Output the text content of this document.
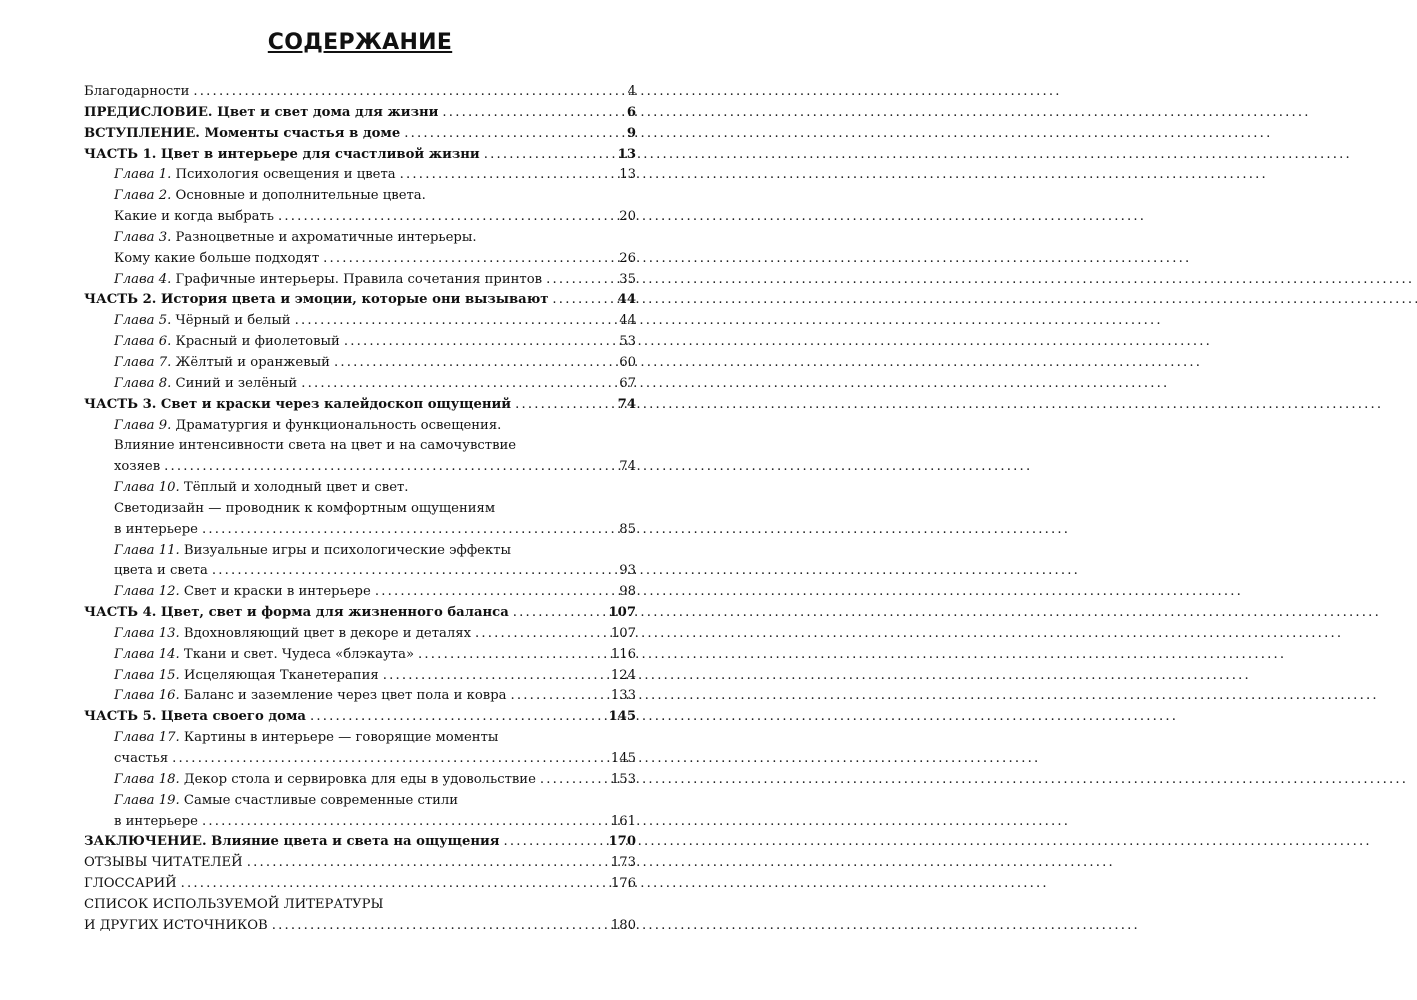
СОДЕРЖАНИЕ
Благодарности . . .	4
ПРЕДИСЛОВИЕ. Цвет и свет дома для жизни . . .	6
ВСТУПЛЕНИЕ. Моменты счастья в доме . . .	9
ЧАСТЬ 1. Цвет в интерьере для счастливой жизни . . .	13
Глава 1. Психология освещения и цвета . . .	13
Глава 2. Основные и дополнительные цвета.
Какие и когда выбрать . . .	20
Глава 3. Разноцветные и ахроматичные интерьеры.
Кому какие больше подходят . . .	26
Глава 4. Графичные интерьеры. Правила сочетания принтов . . .	35
ЧАСТЬ 2. История цвета и эмоции, которые они вызывают . . .	44
Глава 5. Чёрный и белый . . .	44
Глава 6. Красный и фиолетовый . . .	53
Глава 7. Жёлтый и оранжевый . . .	60
Глава 8. Синий и зелёный . . .	67
ЧАСТЬ 3. Свет и краски через калейдоскоп ощущений . . .	74
Глава 9. Драматургия и функциональность освещения.
Влияние интенсивности света на цвет и на самочувствие
хозяев . . .	74
Глава 10. Тёплый и холодный цвет и свет.
Светодизайн — проводник к комфортным ощущениям
в интерьере . . .	85
Глава 11. Визуальные игры и психологические эффекты
цвета и света . . .	93
Глава 12. Свет и краски в интерьере . . .	98
ЧАСТЬ 4. Цвет, свет и форма для жизненного баланса . . .	107
Глава 13. Вдохновляющий цвет в декоре и деталях . . .	107
Глава 14. Ткани и свет. Чудеса «блэкаута» . . .	116
Глава 15. Исцеляющая Тканетерапия . . .	124
Глава 16. Баланс и заземление через цвет пола и ковра . . .	133
ЧАСТЬ 5. Цвета своего дома . . .	145
Глава 17. Картины в интерьере — говорящие моменты
счастья . . .	145
Глава 18. Декор стола и сервировка для еды в удовольствие . . .	153
Глава 19. Самые счастливые современные стили
в интерьере . . .	161
ЗАКЛЮЧЕНИЕ. Влияние цвета и света на ощущения . . .	170
ОТЗЫВЫ ЧИТАТЕЛЕЙ . . .	173
ГЛОССАРИЙ . . .	176
СПИСОК ИСПОЛЬЗУЕМОЙ ЛИТЕРАТУРЫ
И ДРУГИХ ИСТОЧНИКОВ . . .	180
